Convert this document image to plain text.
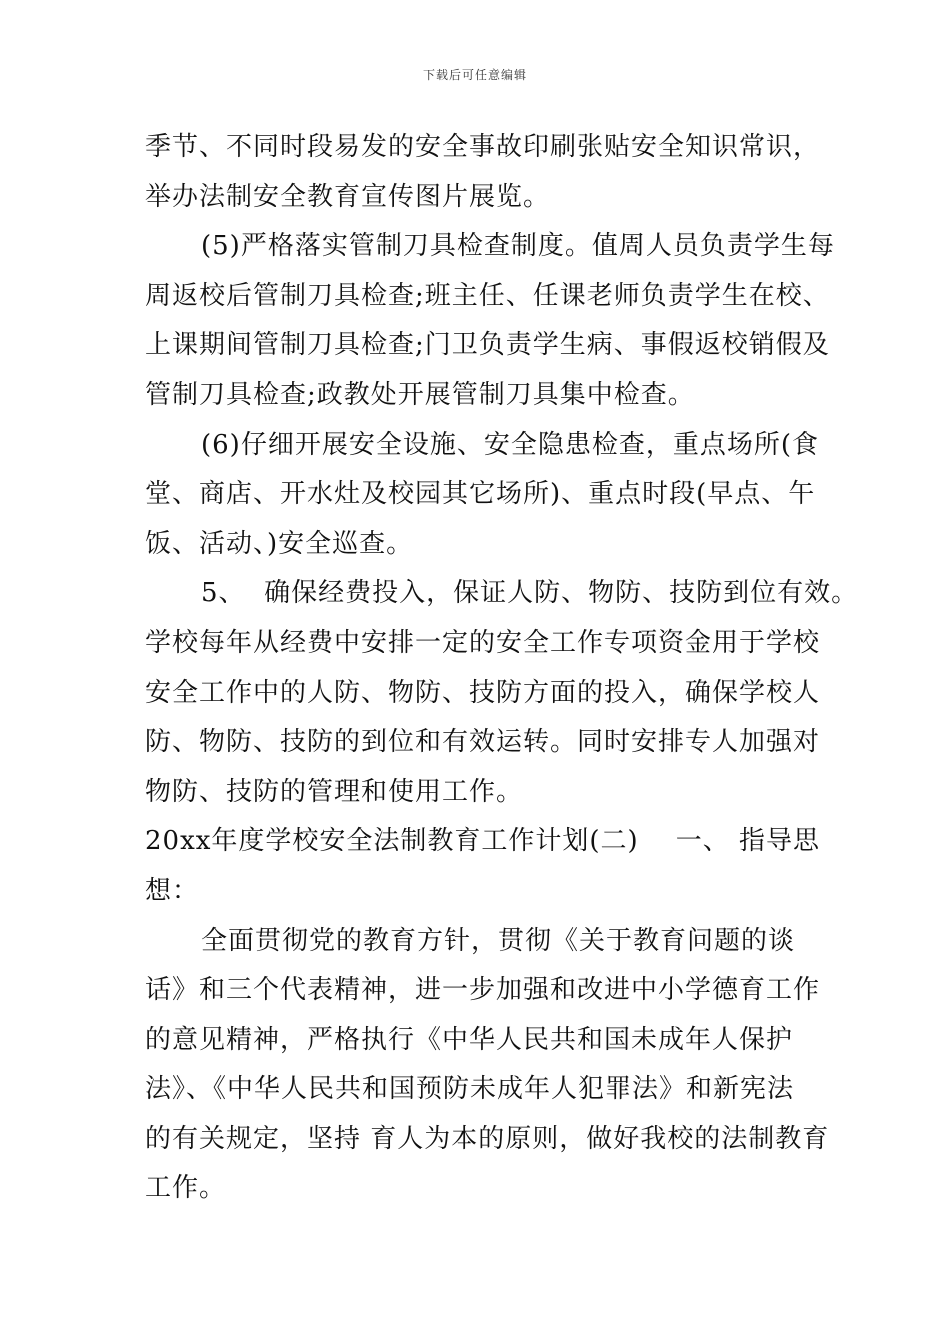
下载后可任意编辑
季节、不同时段易发的安全事故印刷张贴安全知识常识，
举办法制安全教育宣传图片展览。
(5)严格落实管制刀具检查制度。值周人员负责学生每
周返校后管制刀具检查;班主任、任课老师负责学生在校、
上课期间管制刀具检查;门卫负责学生病、事假返校销假及
管制刀具检查;政教处开展管制刀具集中检查。
(6)仔细开展安全设施、安全隐患检查，重点场所(食
堂、商店、开水灶及校园其它场所)、重点时段(早点、午
饭、活动、)安全巡查。
5、  确保经费投入，保证人防、物防、技防到位有效。
学校每年从经费中安排一定的安全工作专项资金用于学校
安全工作中的人防、物防、技防方面的投入，确保学校人
防、物防、技防的到位和有效运转。同时安排专人加强对
物防、技防的管理和使用工作。
20xx年度学校安全法制教育工作计划(二)    一、 指导思
想：
全面贯彻党的教育方针，贯彻《关于教育问题的谈
话》和三个代表精神，进一步加强和改进中小学德育工作
的意见精神，严格执行《中华人民共和国未成年人保护
法》、《中华人民共和国预防未成年人犯罪法》和新宪法
的有关规定，坚持 育人为本的原则，做好我校的法制教育
工作。
